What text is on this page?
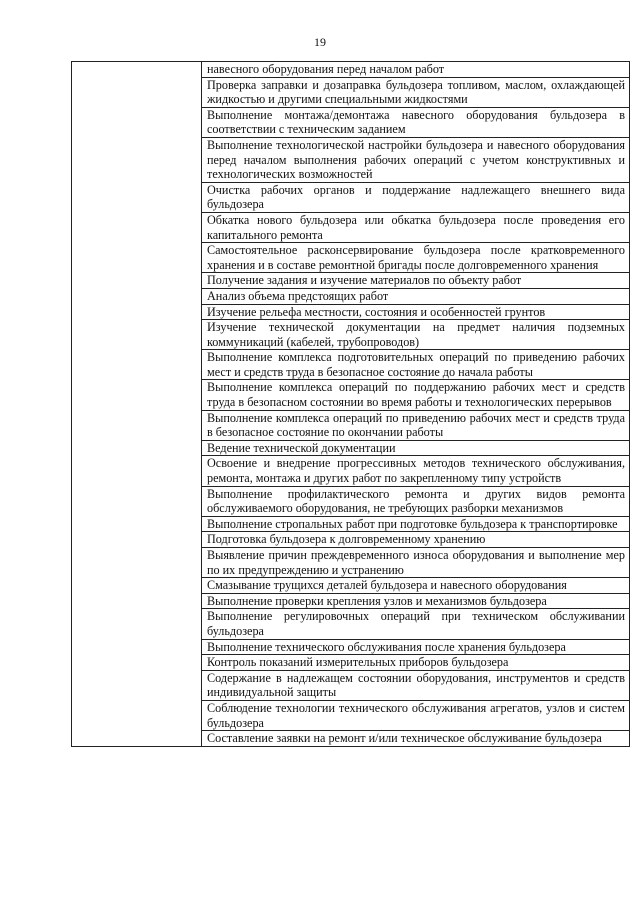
19
	навесного оборудования перед началом работ
Проверка заправки и дозаправка бульдозера топливом, маслом, охлаждающей жидкостью и другими специальными жидкостями
Выполнение монтажа/демонтажа навесного оборудования бульдозера в соответствии с техническим заданием
Выполнение технологической настройки бульдозера и навесного оборудования перед началом выполнения рабочих операций с учетом конструктивных и технологических возможностей
Очистка рабочих органов и поддержание надлежащего внешнего вида бульдозера
Обкатка нового бульдозера или обкатка бульдозера после проведения его капитального ремонта
Самостоятельное расконсервирование бульдозера после кратковременного хранения и в составе ремонтной бригады после долговременного хранения
Получение задания и изучение материалов по объекту работ
Анализ объема предстоящих работ
Изучение рельефа местности, состояния и особенностей грунтов
Изучение технической документации на предмет наличия подземных коммуникаций (кабелей, трубопроводов)
Выполнение комплекса подготовительных операций по приведению рабочих мест и средств труда в безопасное состояние до начала работы
Выполнение комплекса операций по поддержанию рабочих мест и средств труда в безопасном состоянии во время работы и технологических перерывов
Выполнение комплекса операций по приведению рабочих мест и средств труда в безопасное состояние по окончании работы
Ведение технической документации
Освоение и внедрение прогрессивных методов технического обслуживания, ремонта, монтажа и других работ по закрепленному типу устройств
Выполнение профилактического ремонта и других видов ремонта обслуживаемого оборудования, не требующих разборки механизмов
Выполнение стропальных работ при подготовке бульдозера к транспортировке
Подготовка бульдозера к долговременному хранению
Выявление причин преждевременного износа оборудования и выполнение мер по их предупреждению и устранению
Смазывание трущихся деталей бульдозера и навесного оборудования
Выполнение проверки крепления узлов и механизмов бульдозера
Выполнение регулировочных операций при техническом обслуживании бульдозера
Выполнение технического обслуживания после хранения бульдозера
Контроль показаний измерительных приборов бульдозера
Содержание в надлежащем состоянии оборудования, инструментов и средств индивидуальной защиты
Соблюдение технологии технического обслуживания агрегатов, узлов и систем бульдозера
Составление заявки на ремонт и/или техническое обслуживание бульдозера
